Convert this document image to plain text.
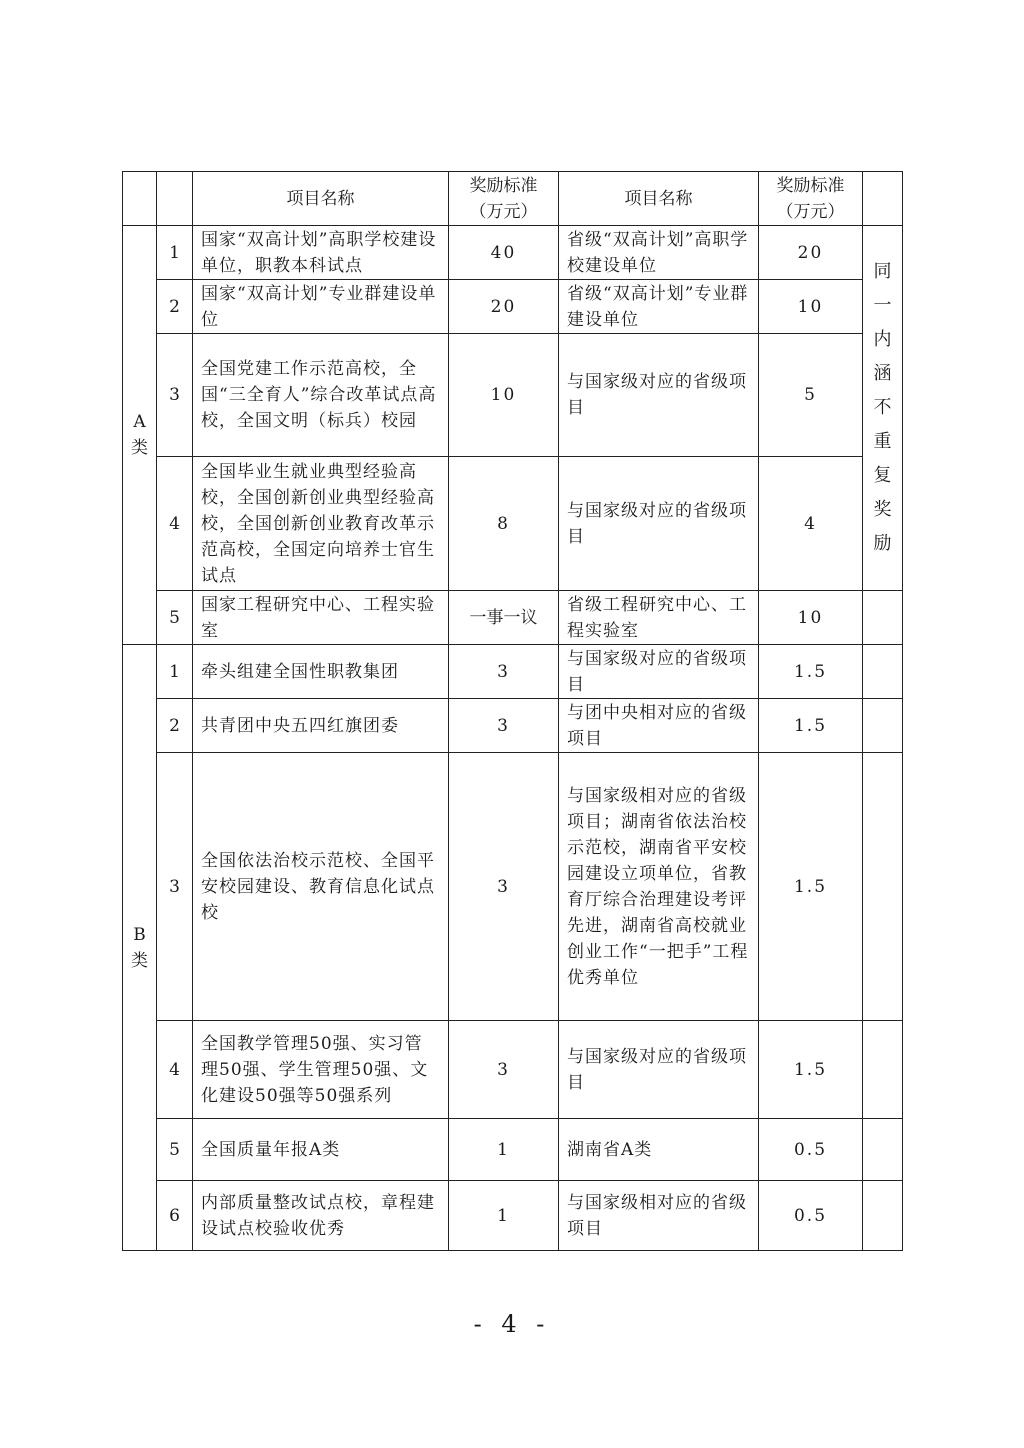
		项目名称	奖励标准（万元）	项目名称	奖励标准（万元）	

A类	1	国家“双高计划”高职学校建设单位，职教本科试点	40	省级“双高计划”高职学校建设单位	20	同一内涵不重复奖励

	2	国家“双高计划”专业群建设单位	20	省级“双高计划”专业群建设单位	10	
	3	全国党建工作示范高校，全国“三全育人”综合改革试点高校，全国文明（标兵）校园	10	与国家级对应的省级项目	5	
	4	全国毕业生就业典型经验高校，全国创新创业典型经验高校，全国创新创业教育改革示范高校，全国定向培养士官生试点	8	与国家级对应的省级项目	4	
	5	国家工程研究中心、工程实验室	一事一议	省级工程研究中心、工程实验室	10	

B类	1	牵头组建全国性职教集团	3	与国家级对应的省级项目	1.5	
	2	共青团中央五四红旗团委	3	与团中央相对应的省级项目	1.5	
	3	全国依法治校示范校、全国平安校园建设、教育信息化试点校	3	与国家级相对应的省级项目；湖南省依法治校示范校，湖南省平安校园建设立项单位，省教育厅综合治理建设考评先进，湖南省高校就业创业工作“一把手”工程优秀单位	1.5	
	4	全国教学管理50强、实习管理50强、学生管理50强、文化建设50强等50强系列	3	与国家级对应的省级项目	1.5	
	5	全国质量年报A类	1	湖南省A类	0.5	
	6	内部质量整改试点校，章程建设试点校验收优秀	1	与国家级相对应的省级项目	0.5	
- 4 -
